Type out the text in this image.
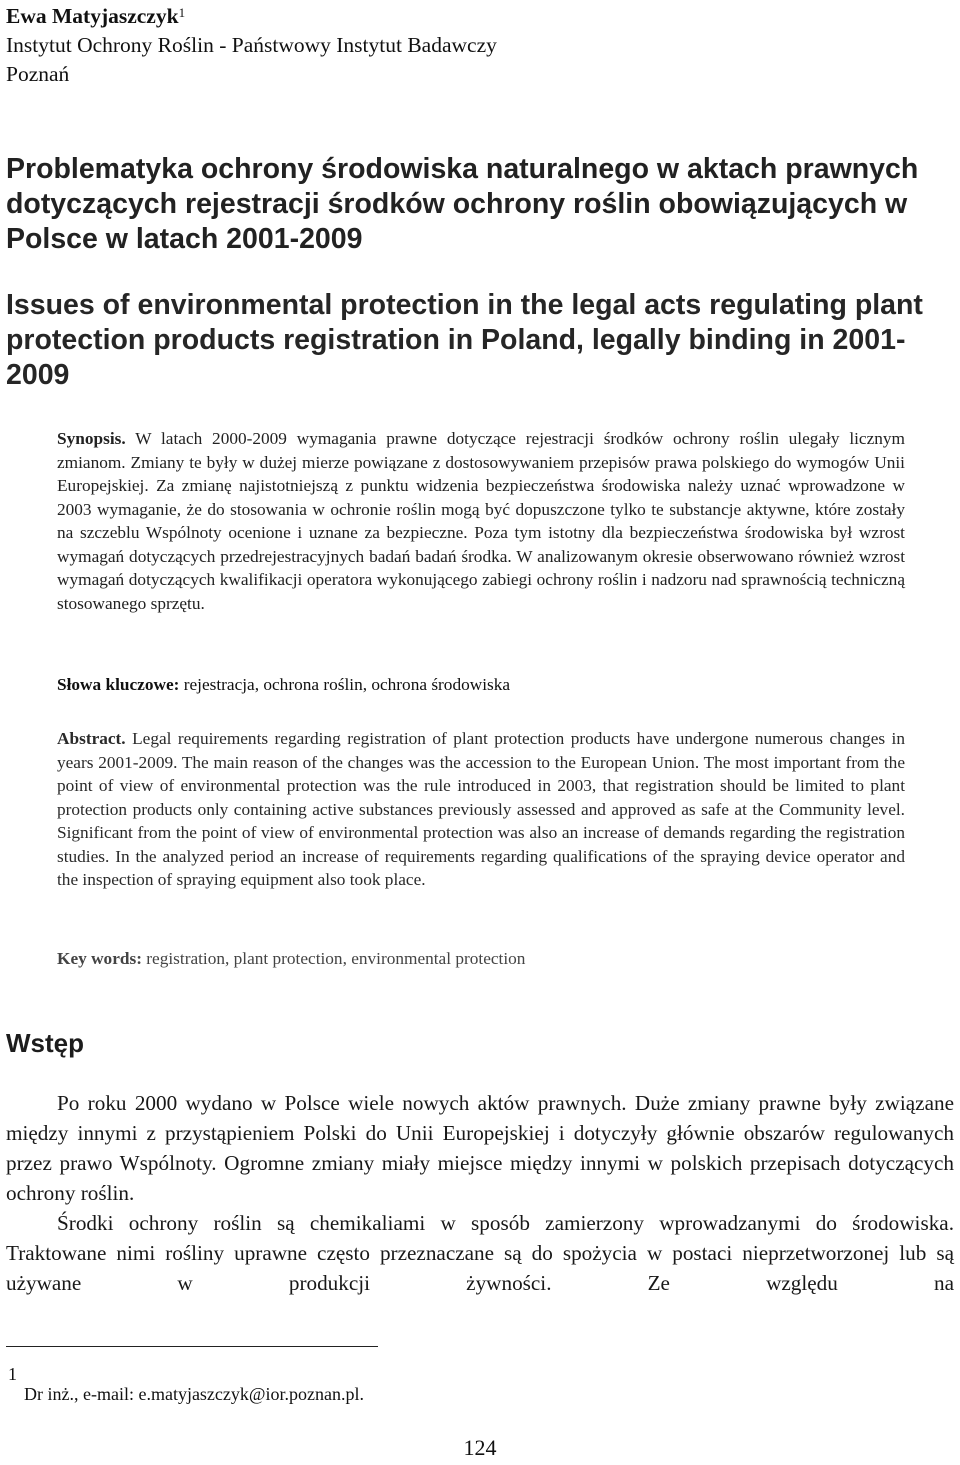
Ewa Matyjaszczyk$^1$
Instytut Ochrony Roślin - Państwowy Instytut Badawczy
Poznań
Problematyka ochrony środowiska naturalnego w aktach prawnych dotyczących rejestracji środków ochrony roślin obowiązujących w Polsce w latach 2001-2009
Issues of environmental protection in the legal acts regulating plant protection products registration in Poland, legally binding in 2001-2009
Synopsis. W latach 2000-2009 wymagania prawne dotyczące rejestracji środków ochrony roślin ulegały licznym zmianom. Zmiany te były w dużej mierze powiązane z dostosowywaniem przepisów prawa polskiego do wymogów Unii Europejskiej. Za zmianę najistotniejszą z punktu widzenia bezpieczeństwa środowiska należy uznać wprowadzone w 2003 wymaganie, że do stosowania w ochronie roślin mogą być dopuszczone tylko te substancje aktywne, które zostały na szczeblu Wspólnoty ocenione i uznane za bezpieczne. Poza tym istotny dla bezpieczeństwa środowiska był wzrost wymagań dotyczących przedrejestracyjnych badań badań środka. W analizowanym okresie obserwowano również wzrost wymagań dotyczących kwalifikacji operatora wykonującego zabiegi ochrony roślin i nadzoru nad sprawnością techniczną stosowanego sprzętu.
Słowa kluczowe: rejestracja, ochrona roślin, ochrona środowiska
Abstract. Legal requirements regarding registration of plant protection products have undergone numerous changes in years 2001-2009. The main reason of the changes was the accession to the European Union. The most important from the point of view of environmental protection was the rule introduced in 2003, that registration should be limited to plant protection products only containing active substances previously assessed and approved as safe at the Community level. Significant from the point of view of environmental protection was also an increase of demands regarding the registration studies. In the analyzed period an increase of requirements regarding qualifications of the spraying device operator and the inspection of spraying equipment also took place.
Key words: registration, plant protection, environmental protection
Wstęp

Po roku 2000 wydano w Polsce wiele nowych aktów prawnych. Duże zmiany prawne były związane między innymi z przystąpieniem Polski do Unii Europejskiej i dotyczyły głównie obszarów regulowanych przez prawo Wspólnoty. Ogromne zmiany miały miejsce między innymi w polskich przepisach dotyczących ochrony roślin.

Środki ochrony roślin są chemikaliami w sposób zamierzony wprowadzanymi do środowiska. Traktowane nimi rośliny uprawne często przeznaczane są do spożycia w postaci nieprzetworzonej lub są używane w produkcji żywności. Ze względu na

1
Dr inż., e-mail: e.matyjaszczyk@ior.poznan.pl.
124
